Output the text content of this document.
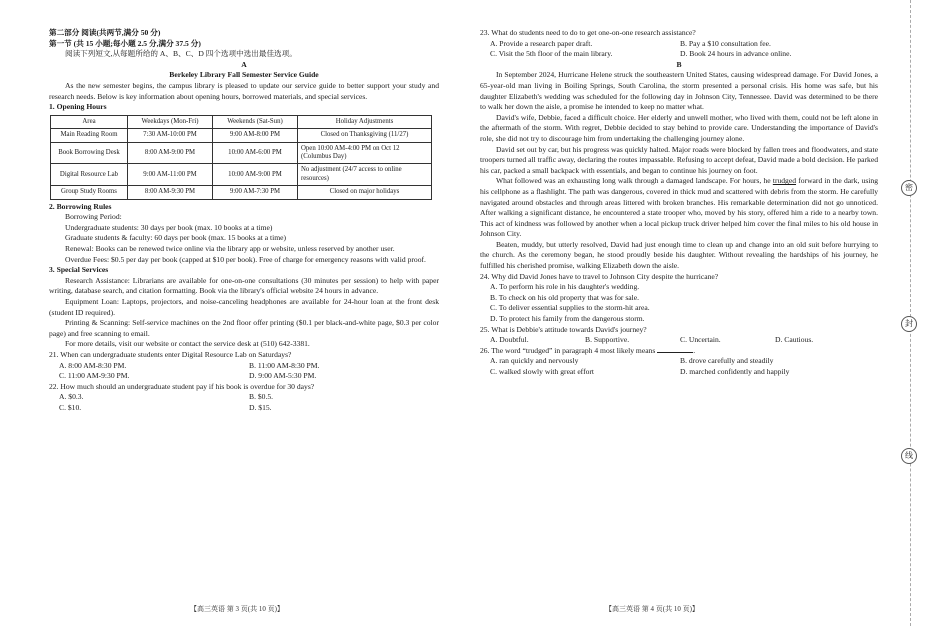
第二部分 阅读(共两节,满分 50 分)

第一节 (共 15 小题;每小题 2.5 分,满分 37.5 分)

阅读下列短文,从每题所给的 A、B、C、D 四个选项中选出最佳选项。

A

Berkeley Library Fall Semester Service Guide

As the new semester begins, the campus library is pleased to update our service guide to better support your study and research needs. Below is key information about opening hours, borrowed materials, and special services.

1. Opening Hours

Area	Weekdays (Mon-Fri)	Weekends (Sat-Sun)	Holiday Adjustments
Main Reading Room	7:30 AM-10:00 PM	9:00 AM-8:00 PM	Closed on Thanksgiving (11/27)
Book Borrowing Desk	8:00 AM-9:00 PM	10:00 AM-6:00 PM	Open 10:00 AM-4:00 PM on Oct 12 (Columbus Day)
Digital Resource Lab	9:00 AM-11:00 PM	10:00 AM-9:00 PM	No adjustment (24/7 access to online resources)
Group Study Rooms	8:00 AM-9:30 PM	9:00 AM-7:30 PM	Closed on major holidays

2. Borrowing Rules

Borrowing Period:

Undergraduate students: 30 days per book (max. 10 books at a time)

Graduate students & faculty: 60 days per book (max. 15 books at a time)

Renewal: Books can be renewed twice online via the library app or website, unless reserved by another user.

Overdue Fees: $0.5 per day per book (capped at $10 per book). Free of charge for emergency reasons with valid proof.

3. Special Services

Research Assistance: Librarians are available for one-on-one consultations (30 minutes per session) to help with paper writing, database search, and citation formatting. Book via the library's official website 24 hours in advance.

Equipment Loan: Laptops, projectors, and noise-canceling headphones are available for 24-hour loan at the front desk (student ID required).

Printing & Scanning: Self-service machines on the 2nd floor offer printing ($0.1 per black-and-white page, $0.3 per color page) and free scanning to email.

For more details, visit our website or contact the service desk at (510) 642-3381.

21. When can undergraduate students enter Digital Resource Lab on Saturdays?

A. 8:00 AM-8:30 PM.	B. 11:00 AM-8:30 PM.
C. 11:00 AM-9:30 PM.	D. 9:00 AM-5:30 PM.

22. How much should an undergraduate student pay if his book is overdue for 30 days?

A. $0.3.	B. $0.5.
C. $10.	D. $15.
【高三英语 第 3 页(共 10 页)】

23. What do students need to do to get one-on-one research assistance?

A. Provide a research paper draft.	B. Pay a $10 consultation fee.
C. Visit the 5th floor of the main library.	D. Book 24 hours in advance online.

B

In September 2024, Hurricane Helene struck the southeastern United States, causing widespread damage. For David Jones, a 65-year-old man living in Boiling Springs, South Carolina, the storm presented a personal crisis. His home was safe, but his daughter Elizabeth's wedding was scheduled for the following day in Johnson City, Tennessee. David was determined to be there to walk her down the aisle, a promise he intended to keep no matter what.

David's wife, Debbie, faced a difficult choice. Her elderly and unwell mother, who lived with them, could not be left alone in the aftermath of the storm. With regret, Debbie decided to stay behind to provide care. Understanding the importance of David's role, she did not try to discourage him from undertaking the challenging journey alone.

David set out by car, but his progress was quickly halted. Major roads were blocked by fallen trees and floodwaters, and state troopers turned all traffic away, declaring the routes impassable. Refusing to accept defeat, David made a bold decision. He parked his car, packed a small backpack with essentials, and began to continue his journey on foot.

What followed was an exhausting long walk through a damaged landscape. For hours, he trudged forward in the dark, using his cellphone as a flashlight. The path was dangerous, covered in thick mud and scattered with debris from the storm. He carefully navigated around obstacles and through areas littered with broken branches. His remarkable determination did not go unnoticed. After walking a significant distance, he encountered a state trooper who, moved by his story, offered him a ride to a nearby town. This act of kindness was followed by another when a local pickup truck driver helped him cover the final miles to his old house in Johnson City.

Beaten, muddy, but utterly resolved, David had just enough time to clean up and change into an old suit before hurrying to the church. As the ceremony began, he stood proudly beside his daughter. Without revealing the hardships of his journey, he fulfilled his cherished promise, walking Elizabeth down the aisle.

24. Why did David Jones have to travel to Johnson City despite the hurricane?

A. To perform his role in his daughter's wedding.
B. To check on his old property that was for sale.
C. To deliver essential supplies to the storm-hit area.
D. To protect his family from the dangerous storm.

25. What is Debbie's attitude towards David's journey?

A. Doubtful.	B. Supportive.	C. Uncertain.	D. Cautious.

26. The word “trudged” in paragraph 4 most likely means	.

A. ran quickly and nervously	B. drove carefully and steadily
C. walked slowly with great effort	D. marched confidently and happily
【高三英语 第 4 页(共 10 页)】
密
封
线
